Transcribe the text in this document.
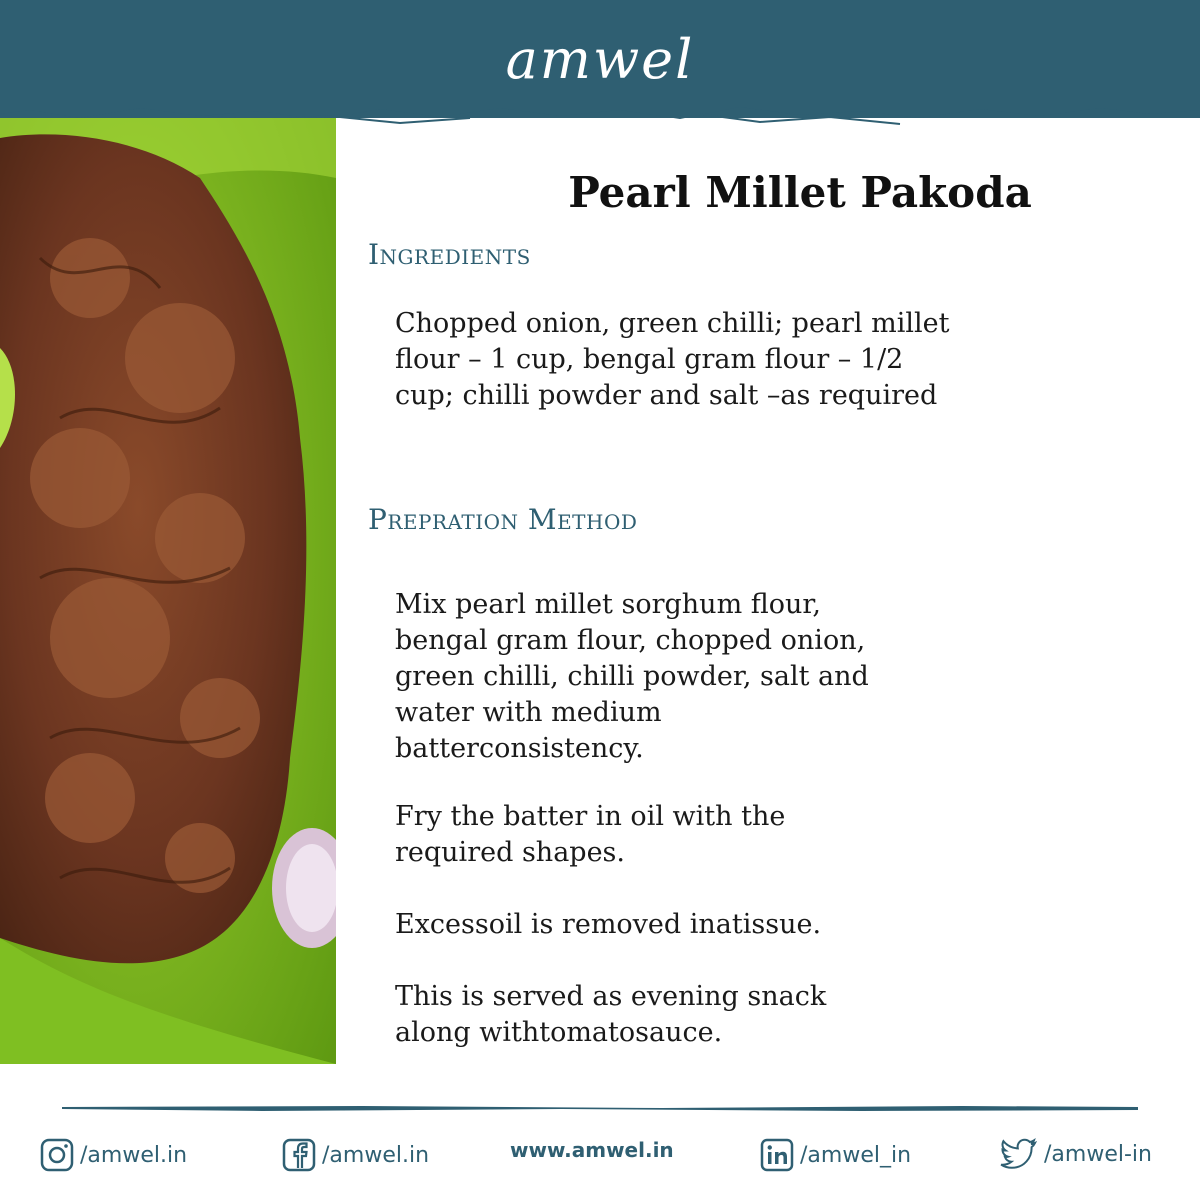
amwel
Pearl Millet Pakoda
Ingredients
Chopped onion, green chilli; pearl millet flour – 1 cup, bengal gram flour – 1/2 cup; chilli powder and salt –as required
Prepration Method
Mix pearl millet sorghum flour, bengal gram flour, chopped onion, green chilli, chilli powder, salt and water with medium batterconsistency.
Fry the batter in oil with the required shapes.
Excessoil is removed inatissue.
This is served as evening snack along withtomatosauce.
/amwel.in	/amwel.in	www.amwel.in	/amwel_in	/amwel-in
